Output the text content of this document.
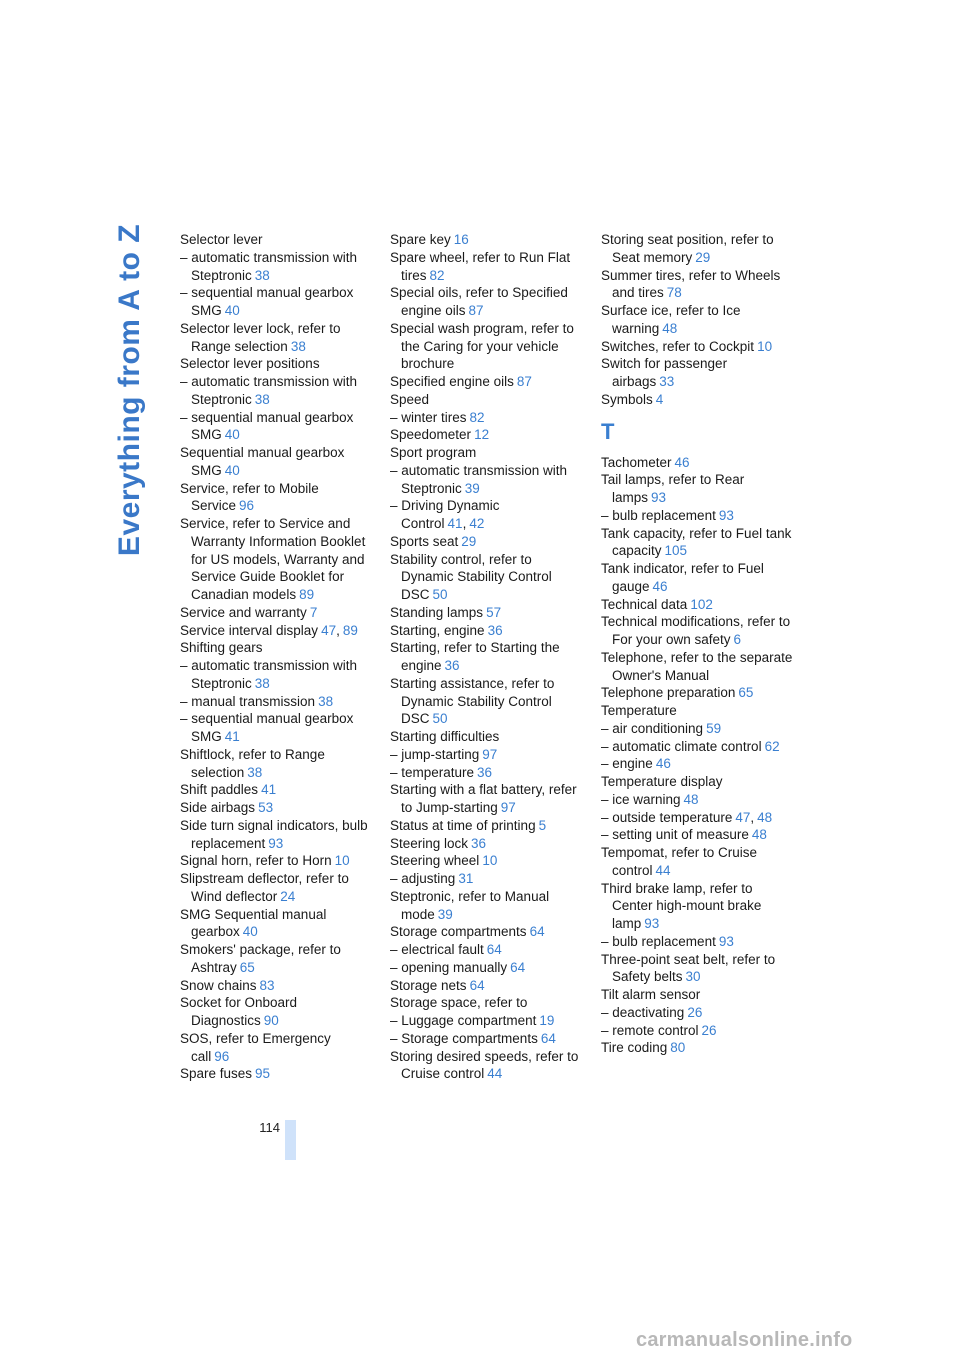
Everything from A to Z	Selector lever
– automatic transmission with Steptronic 38
– sequential manual gearbox SMG 40
Selector lever lock, refer to Range selection 38
Selector lever positions
– automatic transmission with Steptronic 38
– sequential manual gearbox SMG 40
Sequential manual gearbox SMG 40
Service, refer to Mobile Service 96
Service, refer to Service and Warranty Information Booklet for US models, Warranty and Service Guide Booklet for Canadian models 89
Service and warranty 7
Service interval display 47, 89
Shifting gears
– automatic transmission with Steptronic 38
– manual transmission 38
– sequential manual gearbox SMG 41
Shiftlock, refer to Range selection 38
Shift paddles 41
Side airbags 53
Side turn signal indicators, bulb replacement 93
Signal horn, refer to Horn 10
Slipstream deflector, refer to Wind deflector 24
SMG Sequential manual gearbox 40
Smokers' package, refer to Ashtray 65
Snow chains 83
Socket for Onboard Diagnostics 90
SOS, refer to Emergency call 96
Spare fuses 95
Spare key 16
Spare wheel, refer to Run Flat tires 82
Special oils, refer to Specified engine oils 87
Special wash program, refer to the Caring for your vehicle brochure
Specified engine oils 87
Speed
– winter tires 82
Speedometer 12
Sport program
– automatic transmission with Steptronic 39
– Driving Dynamic Control 41, 42
Sports seat 29
Stability control, refer to Dynamic Stability Control DSC 50
Standing lamps 57
Starting, engine 36
Starting, refer to Starting the engine 36
Starting assistance, refer to Dynamic Stability Control DSC 50
Starting difficulties
– jump-starting 97
– temperature 36
Starting with a flat battery, refer to Jump-starting 97
Status at time of printing 5
Steering lock 36
Steering wheel 10
– adjusting 31
Steptronic, refer to Manual mode 39
Storage compartments 64
– electrical fault 64
– opening manually 64
Storage nets 64
Storage space, refer to
– Luggage compartment 19
– Storage compartments 64
Storing desired speeds, refer to Cruise control 44
Storing seat position, refer to Seat memory 29
Summer tires, refer to Wheels and tires 78
Surface ice, refer to Ice warning 48
Switches, refer to Cockpit 10
Switch for passenger airbags 33
Symbols 4
T
Tachometer 46
Tail lamps, refer to Rear lamps 93
– bulb replacement 93
Tank capacity, refer to Fuel tank capacity 105
Tank indicator, refer to Fuel gauge 46
Technical data 102
Technical modifications, refer to For your own safety 6
Telephone, refer to the separate Owner's Manual
Telephone preparation 65
Temperature
– air conditioning 59
– automatic climate control 62
– engine 46
Temperature display
– ice warning 48
– outside temperature 47, 48
– setting unit of measure 48
Tempomat, refer to Cruise control 44
Third brake lamp, refer to Center high-mount brake lamp 93
– bulb replacement 93
Three-point seat belt, refer to Safety belts 30
Tilt alarm sensor
– deactivating 26
– remote control 26
Tire coding 80
114
carmanualsonline.info
